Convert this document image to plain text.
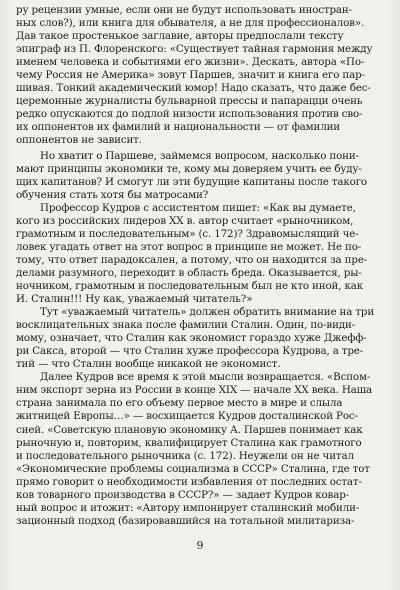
ру рецензии умные, если они не будут использовать иностран-
ных слов?), или книга для обывателя, а не для профессионалов».
Дав такое простенькое заглавие, авторы предпослали тексту
эпиграф из П. Флоренского: «Существует тайная гармония между
именем человека и событиями его жизни». Дескать, автора «По-
чему Россия не Америка» зовут Паршев, значит и книга его пар-
шивая. Тонкий академический юмор! Надо сказать, что даже бес-
церемонные журналисты бульварной прессы и папарацци очень
редко опускаются до подлой низости использования против сво-
их оппонентов их фамилий и национальности — от фамилии
оппонентов не зависит.
Но хватит о Паршеве, займемся вопросом, насколько пони-
мают принципы экономики те, кому мы доверяем учить ее буду-
щих капитанов? И смогут ли эти будущие капитаны после такого
обучения стать хотя бы матросами?
Профессор Кудров с ассистентом пишет: «Как вы думаете,
кого из российских лидеров XX в. автор считает «рыночником,
грамотным и последовательным» (с. 172)? Здравомыслящий че-
ловек угадать ответ на этот вопрос в принципе не может. Не по-
тому, что ответ парадоксален, а потому, что он находится за пре-
делами разумного, переходит в область бреда. Оказывается, ры-
ночником, грамотным и последовательным был не кто иной, как
И. Сталин!!! Ну как, уважаемый читатель?»
Тут «уважаемый читатель» должен обратить внимание на три
восклицательных знака после фамилии Сталин. Один, по-види-
мому, означает, что Сталин как экономист гораздо хуже Джефф-
ри Сакса, второй — что Сталин хуже профессора Кудрова, а тре-
тий — что Сталин вообще никакой не экономист.
Далее Кудров все время к этой мысли возвращается. «Вспом-
ним экспорт зерна из России в конце XIX — начале XX века. Наша
страна занимала по его объему первое место в мире и слыла
житницей Европы…» — восхищается Кудров досталинской Рос-
сией. «Советскую плановую экономику А. Паршев понимает как
рыночную и, повторим, квалифицирует Сталина как грамотного
и последовательного рыночника (с. 172). Неужели он не читал
«Экономические проблемы социализма в СССР» Сталина, где тот
прямо говорит о необходимости избавления от последних остат-
ков товарного производства в СССР?» — задает Кудров ковар-
ный вопрос и итожит: «Автору импонирует сталинский мобили-
зационный подход (базировавшийся на тотальной милитариза-
9
